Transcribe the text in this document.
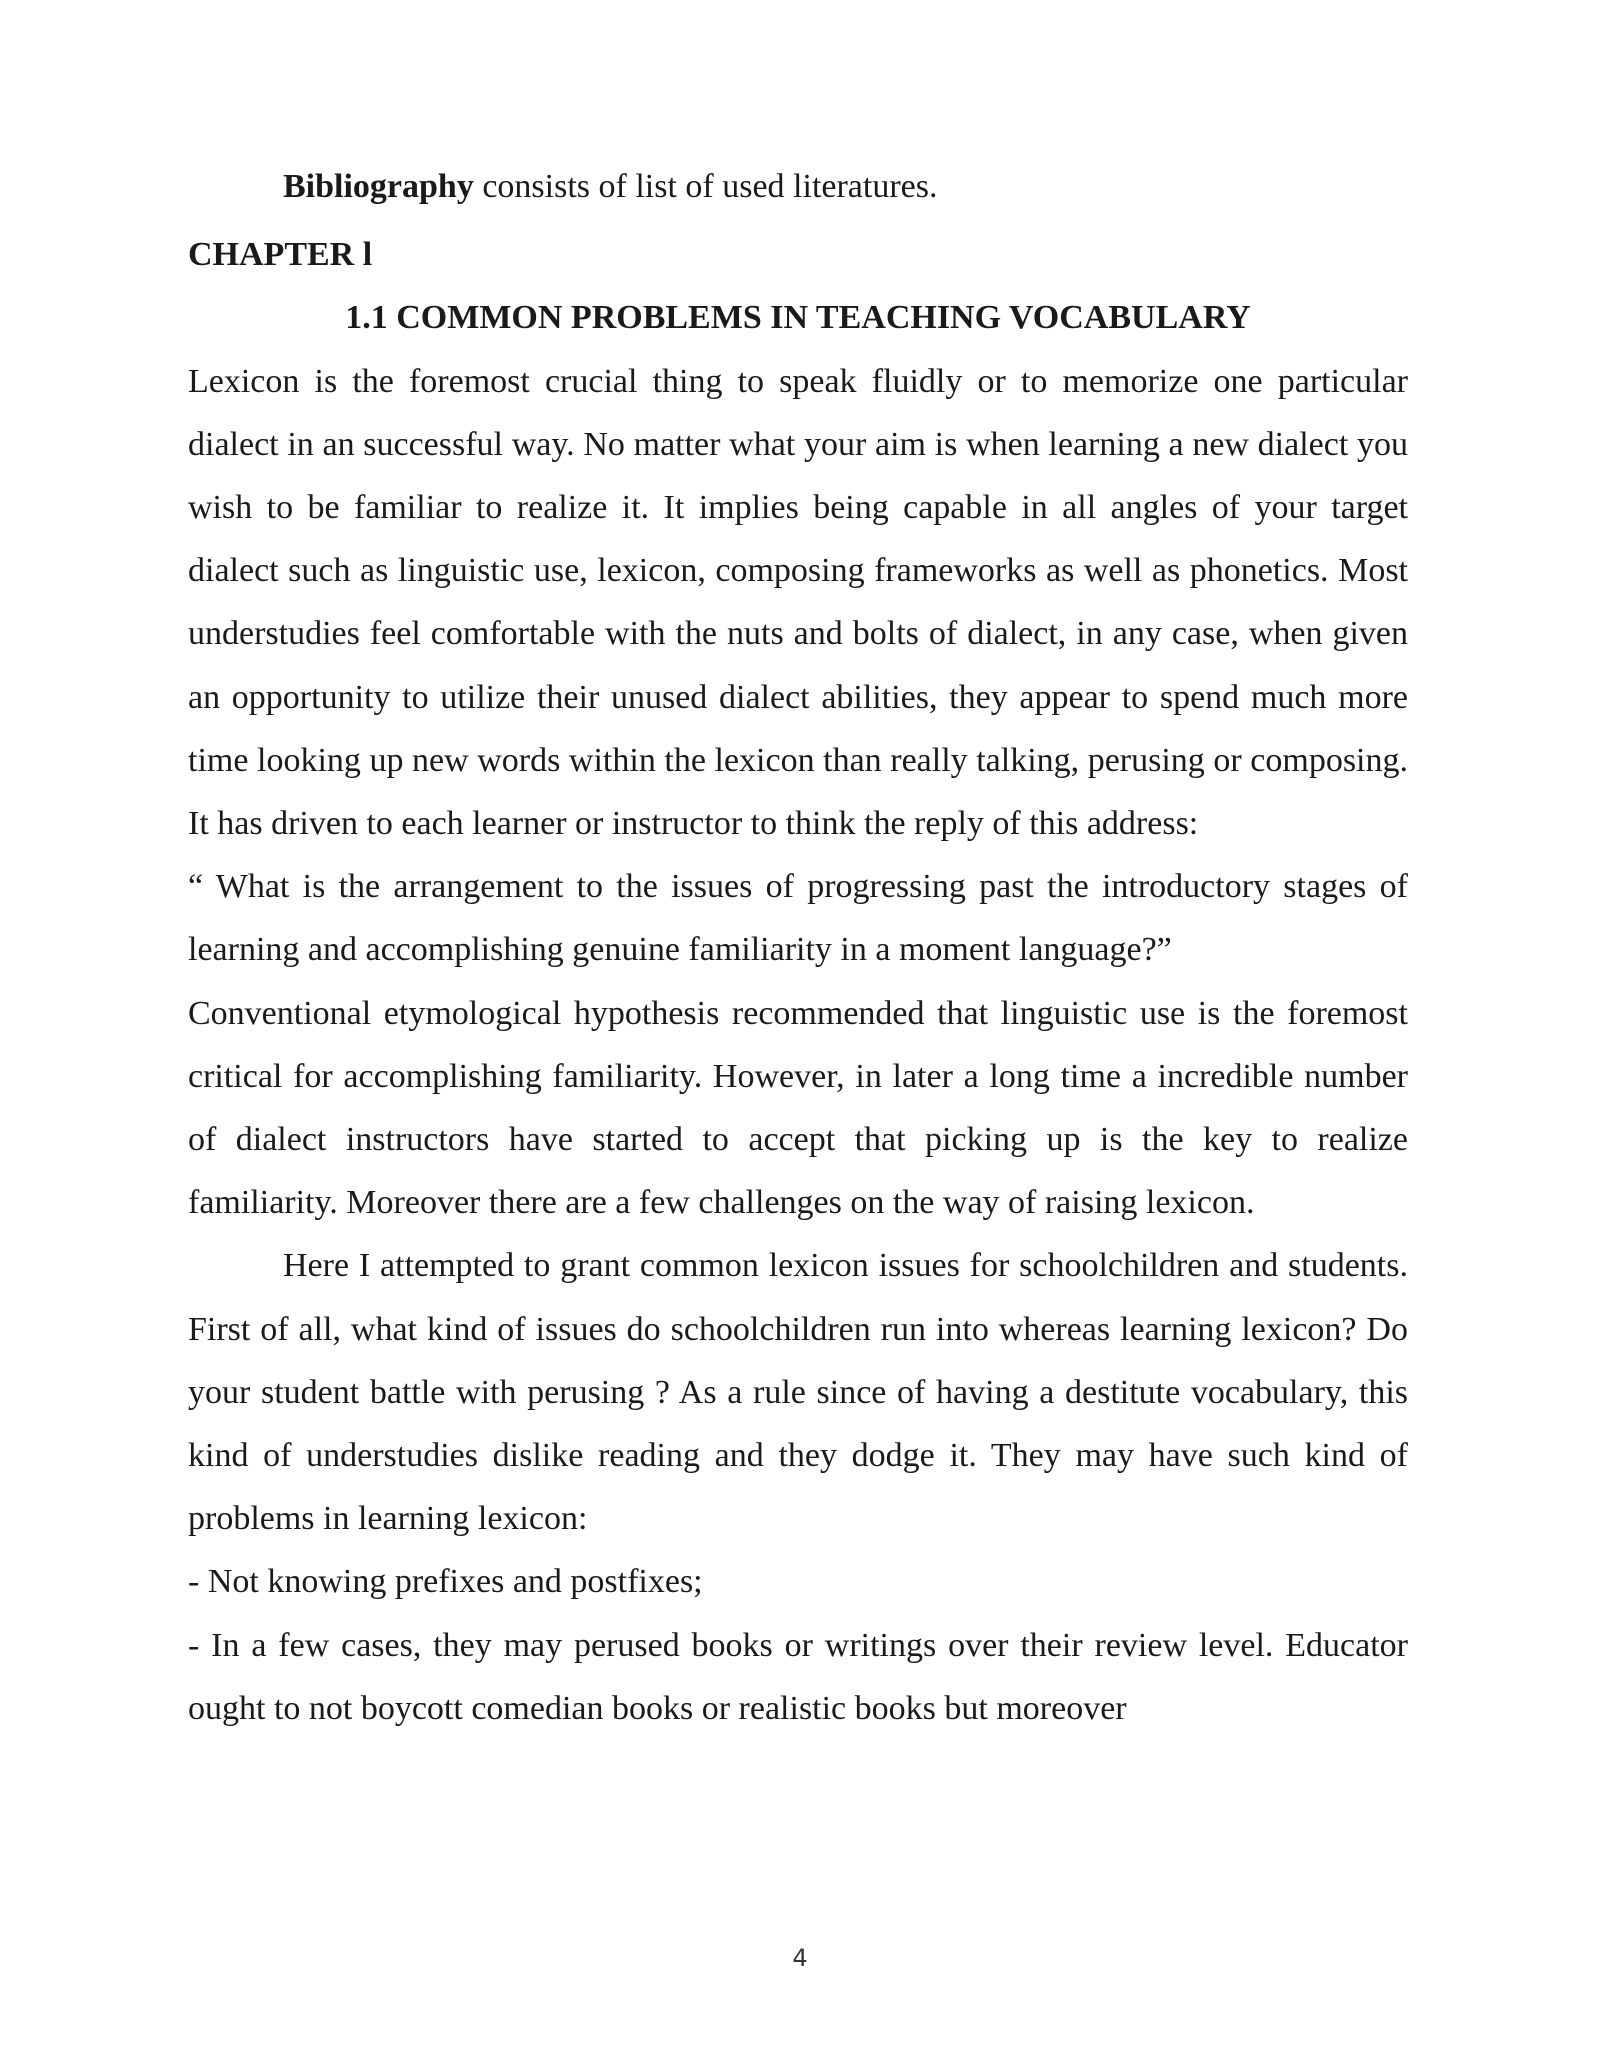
Bibliography consists of list of used literatures.

CHAPTER l

1.1 COMMON PROBLEMS IN TEACHING VOCABULARY

Lexicon is the foremost crucial thing to speak fluidly or to memorize one particular dialect in an successful way. No matter what your aim is when learning a new dialect you wish to be familiar to realize it. It implies being capable in all angles of your target dialect such as linguistic use, lexicon, composing frameworks as well as phonetics. Most understudies feel comfortable with the nuts and bolts of dialect, in any case, when given an opportunity to utilize their unused dialect abilities, they appear to spend much more time looking up new words within the lexicon than really talking, perusing or composing. It has driven to each learner or instructor to think the reply of this address:

“ What is the arrangement to the issues of progressing past the introductory stages of learning and accomplishing genuine familiarity in a moment language?”

Conventional etymological hypothesis recommended that linguistic use is the foremost critical for accomplishing familiarity. However, in later a long time a incredible number of dialect instructors have started to accept that picking up is the key to realize familiarity. Moreover there are a few challenges on the way of raising lexicon.

Here I attempted to grant common lexicon issues for schoolchildren and students. First of all, what kind of issues do schoolchildren run into whereas learning lexicon? Do your student battle with perusing ? As a rule since of having a destitute vocabulary, this kind of understudies dislike reading and they dodge it. They may have such kind of problems in learning lexicon:

- Not knowing prefixes and postfixes;

- In a few cases, they may perused books or writings over their review level. Educator ought to not boycott comedian books or realistic books but moreover

4
